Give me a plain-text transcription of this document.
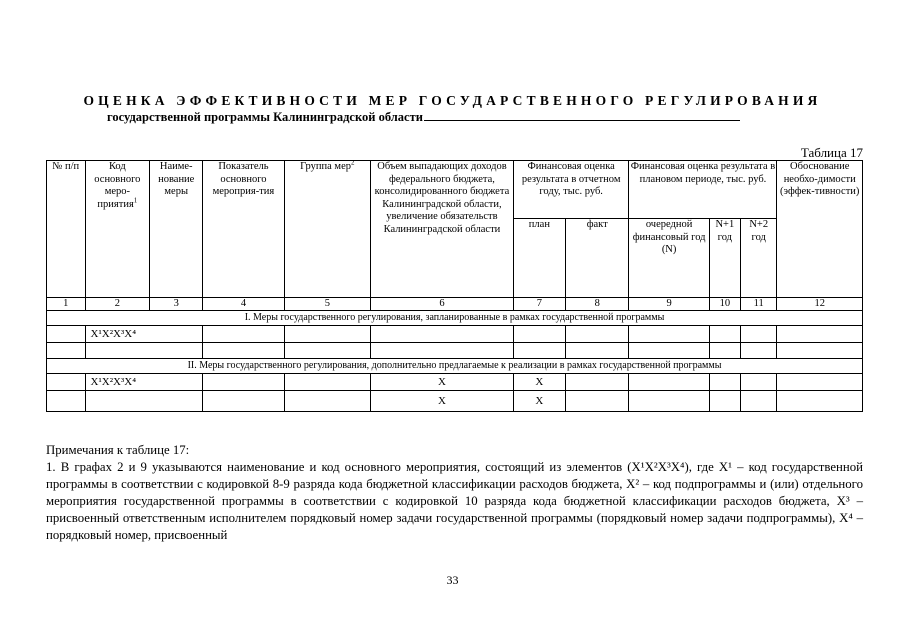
ОЦЕНКА ЭФФЕКТИВНОСТИ МЕР ГОСУДАРСТВЕННОГО РЕГУЛИРОВАНИЯ
государственной программы Калининградской области
Таблица 17
№ п/п	Код основного меро-приятия$^1$	Наиме-нование меры	Показатель основного мероприя-тия	Группа мер$^2$	Объем выпадающих доходов федерального бюджета, консолидированного бюджета Калининградской области, увеличение обязательств Калининградской области	Финансовая оценка результата в отчетном году, тыс. руб.		Финансовая оценка результата в плановом периоде, тыс. руб.			Обоснование необхо-димости (эффек-тивности)
						план	факт	очередной финансовый год (N)	N+1 год	N+2 год	
1	2	3	4	5	6	7	8	9	10	11	12
I. Меры государственного регулирования, запланированные в рамках государственной программы											
	X¹X²X³X⁴										

II. Меры государственного регулирования, дополнительно предлагаемые к реализации в рамках государственной программы											
	X¹X²X³X⁴				X	X					
					X	X					

Примечания к таблице 17:

1. В графах 2 и 9 указываются наименование и код основного мероприятия, состоящий из элементов (X¹X²X³X⁴), где X¹ – код государственной программы в соответствии с кодировкой 8-9 разряда кода бюджетной классификации расходов бюджета, X² – код подпрограммы и (или) отдельного мероприятия государственной программы в соответствии с кодировкой 10 разряда кода бюджетной классификации расходов бюджета, X³ – присвоенный ответственным исполнителем порядковый номер задачи государственной программы (порядковый номер задачи подпрограммы), X⁴ – порядковый номер, присвоенный

33
